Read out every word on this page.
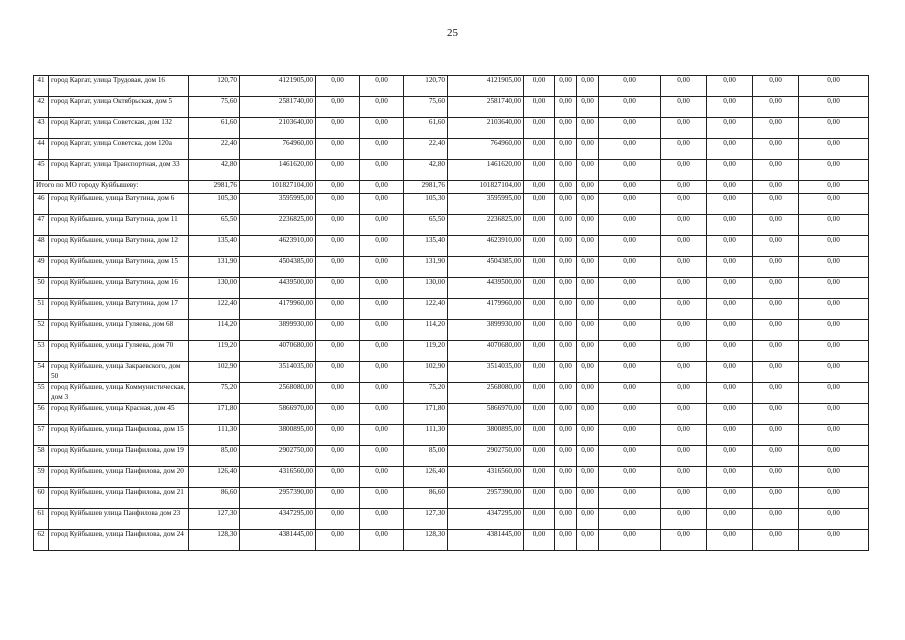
25
41	город Каргат, улица Трудовая, дом 16	120,70	4121905,00	0,00	0,00	120,70	4121905,00	0,00	0,00	0,00	0,00	0,00	0,00	0,00	0,00
42	город Каргат, улица Октябрьская, дом 5	75,60	2581740,00	0,00	0,00	75,60	2581740,00	0,00	0,00	0,00	0,00	0,00	0,00	0,00	0,00
43	город Каргат, улица Советская, дом 132	61,60	2103640,00	0,00	0,00	61,60	2103640,00	0,00	0,00	0,00	0,00	0,00	0,00	0,00	0,00
44	город Каргат, улица Советска, дом 120а	22,40	764960,00	0,00	0,00	22,40	764960,00	0,00	0,00	0,00	0,00	0,00	0,00	0,00	0,00
45	город Каргат, улица Транспортная, дом 33	42,80	1461620,00	0,00	0,00	42,80	1461620,00	0,00	0,00	0,00	0,00	0,00	0,00	0,00	0,00
Итого по МО городу Куйбышеву:		2981,76	101827104,00	0,00	0,00	2981,76	101827104,00	0,00	0,00	0,00	0,00	0,00	0,00	0,00	0,00
46	город Куйбышев, улица Ватутина, дом 6	105,30	3595995,00	0,00	0,00	105,30	3595995,00	0,00	0,00	0,00	0,00	0,00	0,00	0,00	0,00
47	город Куйбышев, улица Ватутина, дом 11	65,50	2236825,00	0,00	0,00	65,50	2236825,00	0,00	0,00	0,00	0,00	0,00	0,00	0,00	0,00
48	город Куйбышев, улица Ватутина, дом 12	135,40	4623910,00	0,00	0,00	135,40	4623910,00	0,00	0,00	0,00	0,00	0,00	0,00	0,00	0,00
49	город Куйбышев, улица Ватутина, дом 15	131,90	4504385,00	0,00	0,00	131,90	4504385,00	0,00	0,00	0,00	0,00	0,00	0,00	0,00	0,00
50	город Куйбышев, улица Ватутина, дом 16	130,00	4439500,00	0,00	0,00	130,00	4439500,00	0,00	0,00	0,00	0,00	0,00	0,00	0,00	0,00
51	город Куйбышев, улица Ватутина, дом 17	122,40	4179960,00	0,00	0,00	122,40	4179960,00	0,00	0,00	0,00	0,00	0,00	0,00	0,00	0,00
52	город Куйбышев, улица Гуляева, дом 68	114,20	3899930,00	0,00	0,00	114,20	3899930,00	0,00	0,00	0,00	0,00	0,00	0,00	0,00	0,00
53	город Куйбышев, улица Гуляева, дом 70	119,20	4070680,00	0,00	0,00	119,20	4070680,00	0,00	0,00	0,00	0,00	0,00	0,00	0,00	0,00
54	город Куйбышев, улица Закраевского, дом 50	102,90	3514035,00	0,00	0,00	102,90	3514035,00	0,00	0,00	0,00	0,00	0,00	0,00	0,00	0,00
55	город Куйбышев, улица Коммунистическая, дом 3	75,20	2568080,00	0,00	0,00	75,20	2568080,00	0,00	0,00	0,00	0,00	0,00	0,00	0,00	0,00
56	город Куйбышев, улица Красная, дом 45	171,80	5866970,00	0,00	0,00	171,80	5866970,00	0,00	0,00	0,00	0,00	0,00	0,00	0,00	0,00
57	город Куйбышев, улица Панфилова, дом 15	111,30	3800895,00	0,00	0,00	111,30	3800895,00	0,00	0,00	0,00	0,00	0,00	0,00	0,00	0,00
58	город Куйбышев, улица Панфилова, дом 19	85,00	2902750,00	0,00	0,00	85,00	2902750,00	0,00	0,00	0,00	0,00	0,00	0,00	0,00	0,00
59	город Куйбышев, улица Панфилова, дом 20	126,40	4316560,00	0,00	0,00	126,40	4316560,00	0,00	0,00	0,00	0,00	0,00	0,00	0,00	0,00
60	город Куйбышев, улица Панфилова, дом 21	86,60	2957390,00	0,00	0,00	86,60	2957390,00	0,00	0,00	0,00	0,00	0,00	0,00	0,00	0,00
61	город Куйбышев улица Панфилова дом 23	127,30	4347295,00	0,00	0,00	127,30	4347295,00	0,00	0,00	0,00	0,00	0,00	0,00	0,00	0,00
62	город Куйбышев, улица Панфилова, дом 24	128,30	4381445,00	0,00	0,00	128,30	4381445,00	0,00	0,00	0,00	0,00	0,00	0,00	0,00	0,00
